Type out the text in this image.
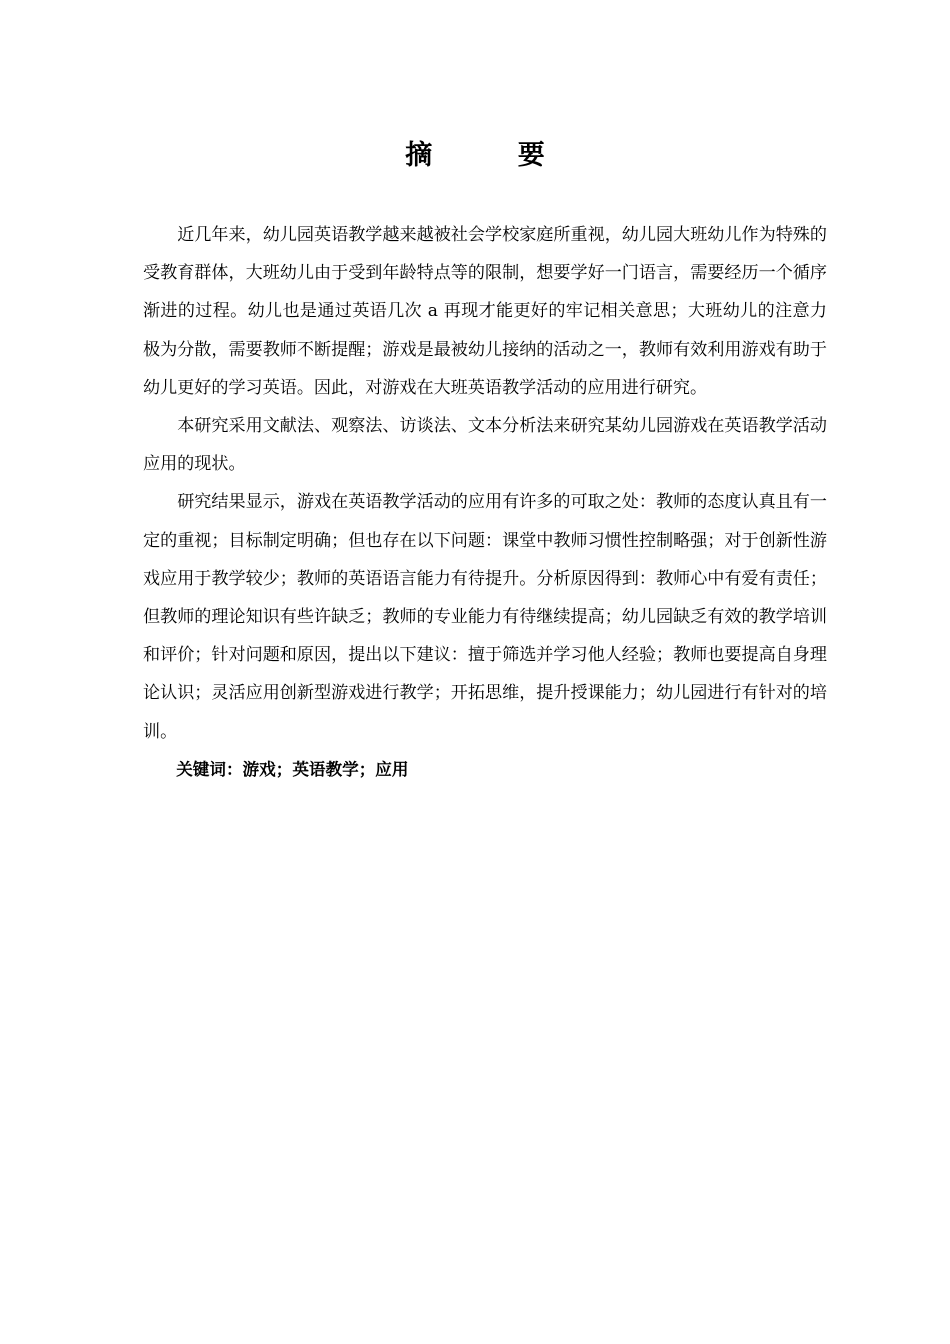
摘 要

近几年来，幼儿园英语教学越来越被社会学校家庭所重视，幼儿园大班幼儿作为特殊的受教育群体，大班幼儿由于受到年龄特点等的限制，想要学好一门语言，需要经历一个循序渐进的过程。幼儿也是通过英语几次 a 再现才能更好的牢记相关意思；大班幼儿的注意力极为分散，需要教师不断提醒；游戏是最被幼儿接纳的活动之一，教师有效利用游戏有助于幼儿更好的学习英语。因此，对游戏在大班英语教学活动的应用进行研究。

本研究采用文献法、观察法、访谈法、文本分析法来研究某幼儿园游戏在英语教学活动应用的现状。

研究结果显示，游戏在英语教学活动的应用有许多的可取之处：教师的态度认真且有一定的重视；目标制定明确；但也存在以下问题：课堂中教师习惯性控制略强；对于创新性游戏应用于教学较少；教师的英语语言能力有待提升。分析原因得到：教师心中有爱有责任；但教师的理论知识有些许缺乏；教师的专业能力有待继续提高；幼儿园缺乏有效的教学培训和评价；针对问题和原因，提出以下建议：擅于筛选并学习他人经验；教师也要提高自身理论认识；灵活应用创新型游戏进行教学；开拓思维，提升授课能力；幼儿园进行有针对的培训。

关键词：游戏；英语教学；应用
